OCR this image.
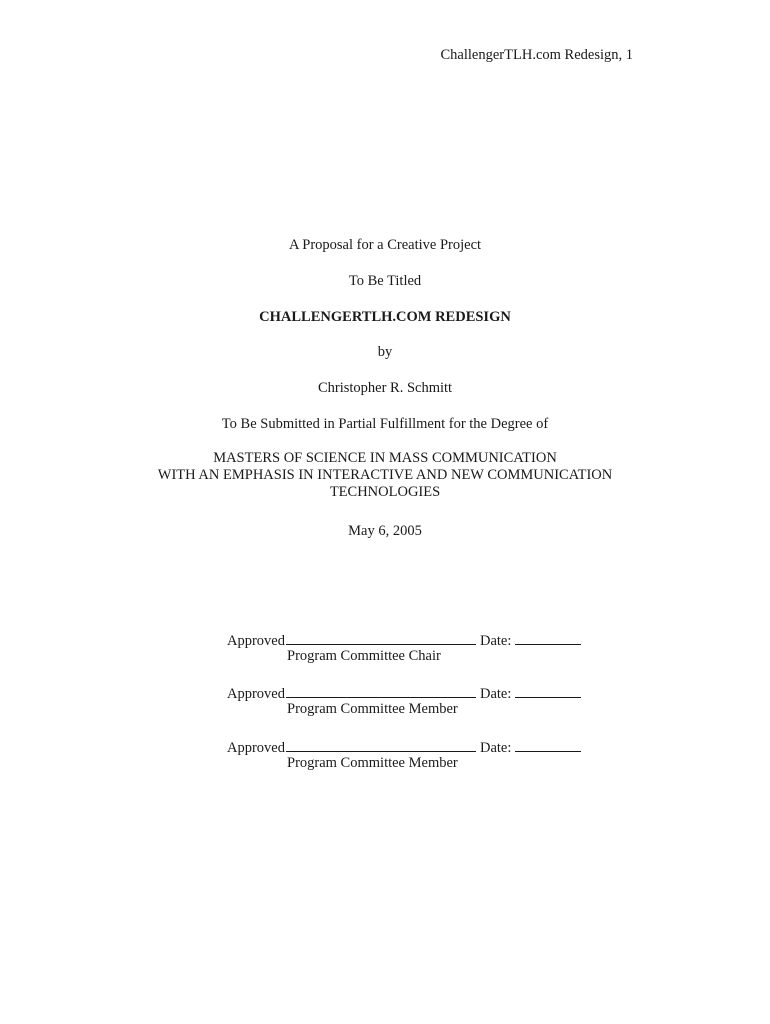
ChallengerTLH.com Redesign, 1
A Proposal for a Creative Project
To Be Titled
CHALLENGERTLH.COM REDESIGN
by
Christopher R. Schmitt
To Be Submitted in Partial Fulfillment for the Degree of
MASTERS OF SCIENCE IN MASS COMMUNICATION
WITH AN EMPHASIS IN INTERACTIVE AND NEW COMMUNICATION
TECHNOLOGIES
May 6, 2005
Approved	Date:
Program Committee Chair
Approved	Date:
Program Committee Member
Approved	Date:
Program Committee Member
